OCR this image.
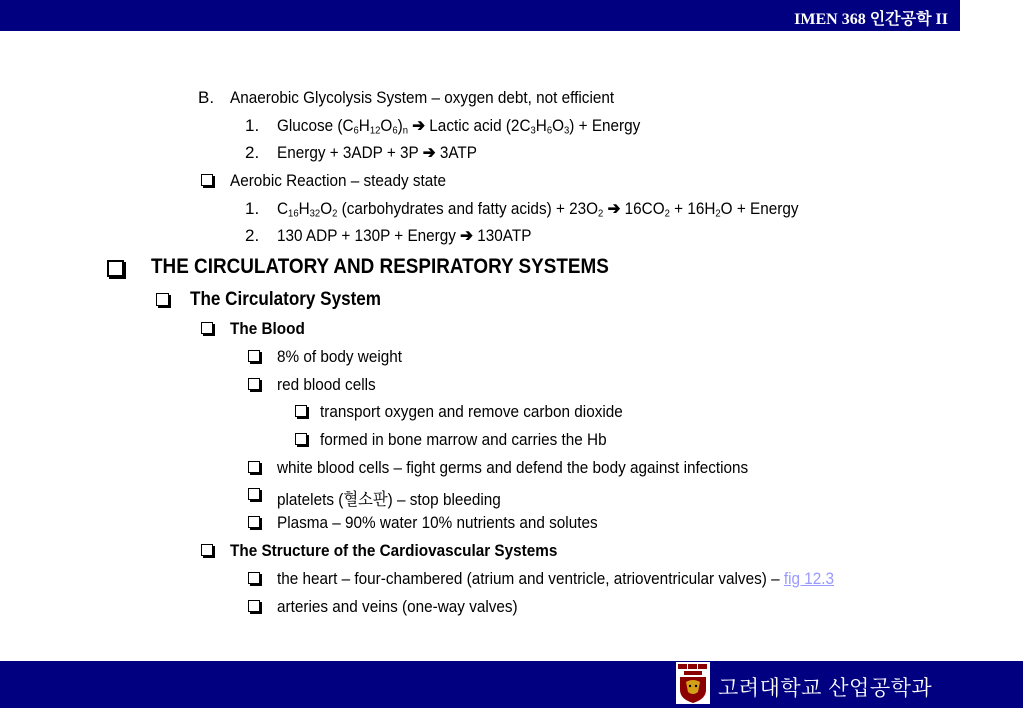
IMEN 368 인간공학 II
B. Anaerobic Glycolysis System – oxygen debt, not efficient
1. Glucose $(C_6H_{12}O_6)_n$ ➔ Lactic acid $(2C_3H_6O_3)$ + Energy
2. Energy + 3ADP + 3P ➔ 3ATP
Aerobic Reaction – steady state
1. $C_{16}H_{32}O_2$ (carbohydrates and fatty acids) + $23O_2$ ➔ $16CO_2 + 16H_2O$ + Energy
2. 130 ADP + 130P + Energy ➔ 130ATP
THE CIRCULATORY AND RESPIRATORY SYSTEMS
The Circulatory System
The Blood
8% of body weight
red blood cells
transport oxygen and remove carbon dioxide
formed in bone marrow and carries the Hb
white blood cells – fight germs and defend the body against infections
platelets (혈소판) – stop bleeding
Plasma – 90% water 10% nutrients and solutes
The Structure of the Cardiovascular Systems
the heart – four-chambered (atrium and ventricle, atrioventricular valves) – fig 12.3
arteries and veins (one-way valves)
고려대학교 산업공학과
